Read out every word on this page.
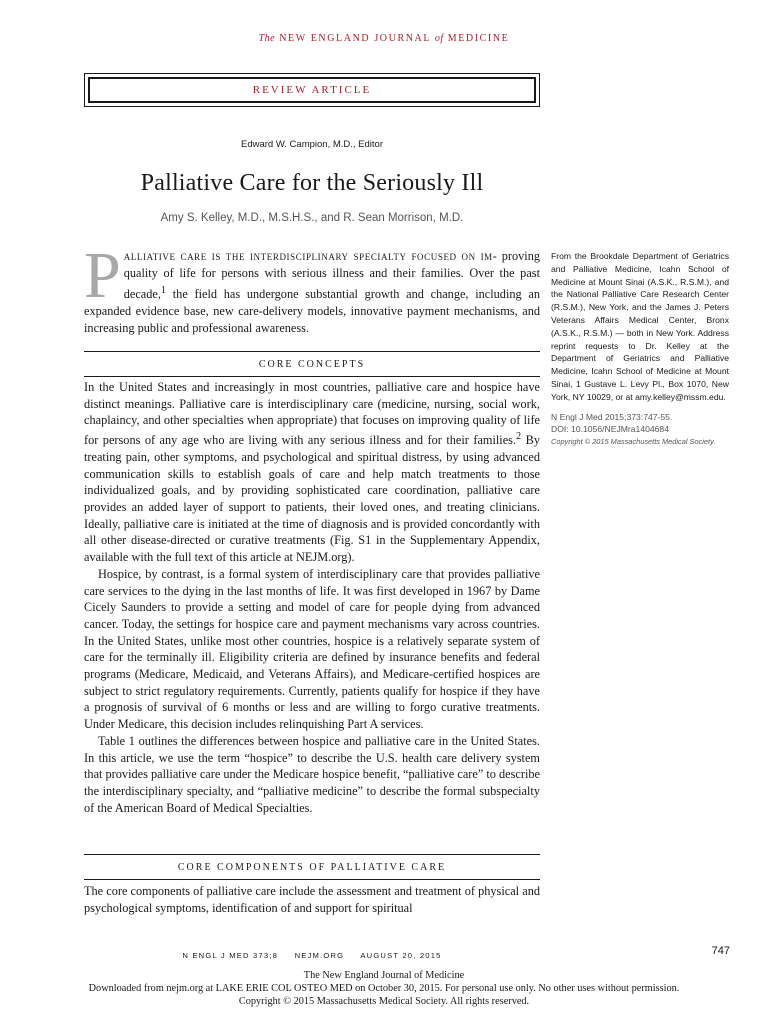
The NEW ENGLAND JOURNAL of MEDICINE
REVIEW ARTICLE
Edward W. Campion, M.D., Editor
Palliative Care for the Seriously Ill
Amy S. Kelley, M.D., M.S.H.S., and R. Sean Morrison, M.D.
Palliative care is the interdisciplinary specialty focused on im- proving quality of life for persons with serious illness and their families. Over the past decade,$^1$ the field has undergone substantial growth and change, including an expanded evidence base, new care-delivery models, innovative payment mechanisms, and increasing public and professional awareness.
CORE CONCEPTS

In the United States and increasingly in most countries, palliative care and hospice have distinct meanings. Palliative care is interdisciplinary care (medicine, nursing, social work, chaplaincy, and other specialties when appropriate) that focuses on improving quality of life for persons of any age who are living with any serious illness and for their families.$^2$ By treating pain, other symptoms, and psychological and spiritual distress, by using advanced communication skills to establish goals of care and help match treatments to those individualized goals, and by providing sophisticated care coordination, palliative care provides an added layer of support to patients, their loved ones, and treating clinicians. Ideally, palliative care is initiated at the time of diagnosis and is provided concordantly with all other disease-directed or curative treatments (Fig. S1 in the Supplementary Appendix, available with the full text of this article at NEJM.org).

Hospice, by contrast, is a formal system of interdisciplinary care that provides palliative care services to the dying in the last months of life. It was first developed in 1967 by Dame Cicely Saunders to provide a setting and model of care for people dying from advanced cancer. Today, the settings for hospice care and payment mechanisms vary across countries. In the United States, unlike most other countries, hospice is a relatively separate system of care for the terminally ill. Eligibility criteria are defined by insurance benefits and federal programs (Medicare, Medicaid, and Veterans Affairs), and Medicare-certified hospices are subject to strict regulatory requirements. Currently, patients qualify for hospice if they have a prognosis of survival of 6 months or less and are willing to forgo curative treatments. Under Medicare, this decision includes relinquishing Part A services.

Table 1 outlines the differences between hospice and palliative care in the United States. In this article, we use the term “hospice” to describe the U.S. health care delivery system that provides palliative care under the Medicare hospice benefit, “palliative care” to describe the interdisciplinary specialty, and “palliative medicine” to describe the formal subspecialty of the American Board of Medical Specialties.

CORE COMPONENTS OF PALLIATIVE CARE

The core components of palliative care include the assessment and treatment of physical and psychological symptoms, identification of and support for spiritual

From the Brookdale Department of Geriatrics and Palliative Medicine, Icahn School of Medicine at Mount Sinai (A.S.K., R.S.M.), and the National Palliative Care Research Center (R.S.M.), New York, and the James J. Peters Veterans Affairs Medical Center, Bronx (A.S.K., R.S.M.) — both in New York. Address reprint requests to Dr. Kelley at the Department of Geriatrics and Palliative Medicine, Icahn School of Medicine at Mount Sinai, 1 Gustave L. Levy Pl., Box 1070, New York, NY 10029, or at amy.kelley@mssm.edu.

N Engl J Med 2015;373:747-55.

DOI: 10.1056/NEJMra1404684

Copyright © 2015 Massachusetts Medical Society.

N ENGL J MED 373;8     NEJM.ORG     AUGUST 20, 2015	747
The New England Journal of Medicine
Downloaded from nejm.org at LAKE ERIE COL OSTEO MED on October 30, 2015. For personal use only. No other uses without permission.
Copyright © 2015 Massachusetts Medical Society. All rights reserved.
